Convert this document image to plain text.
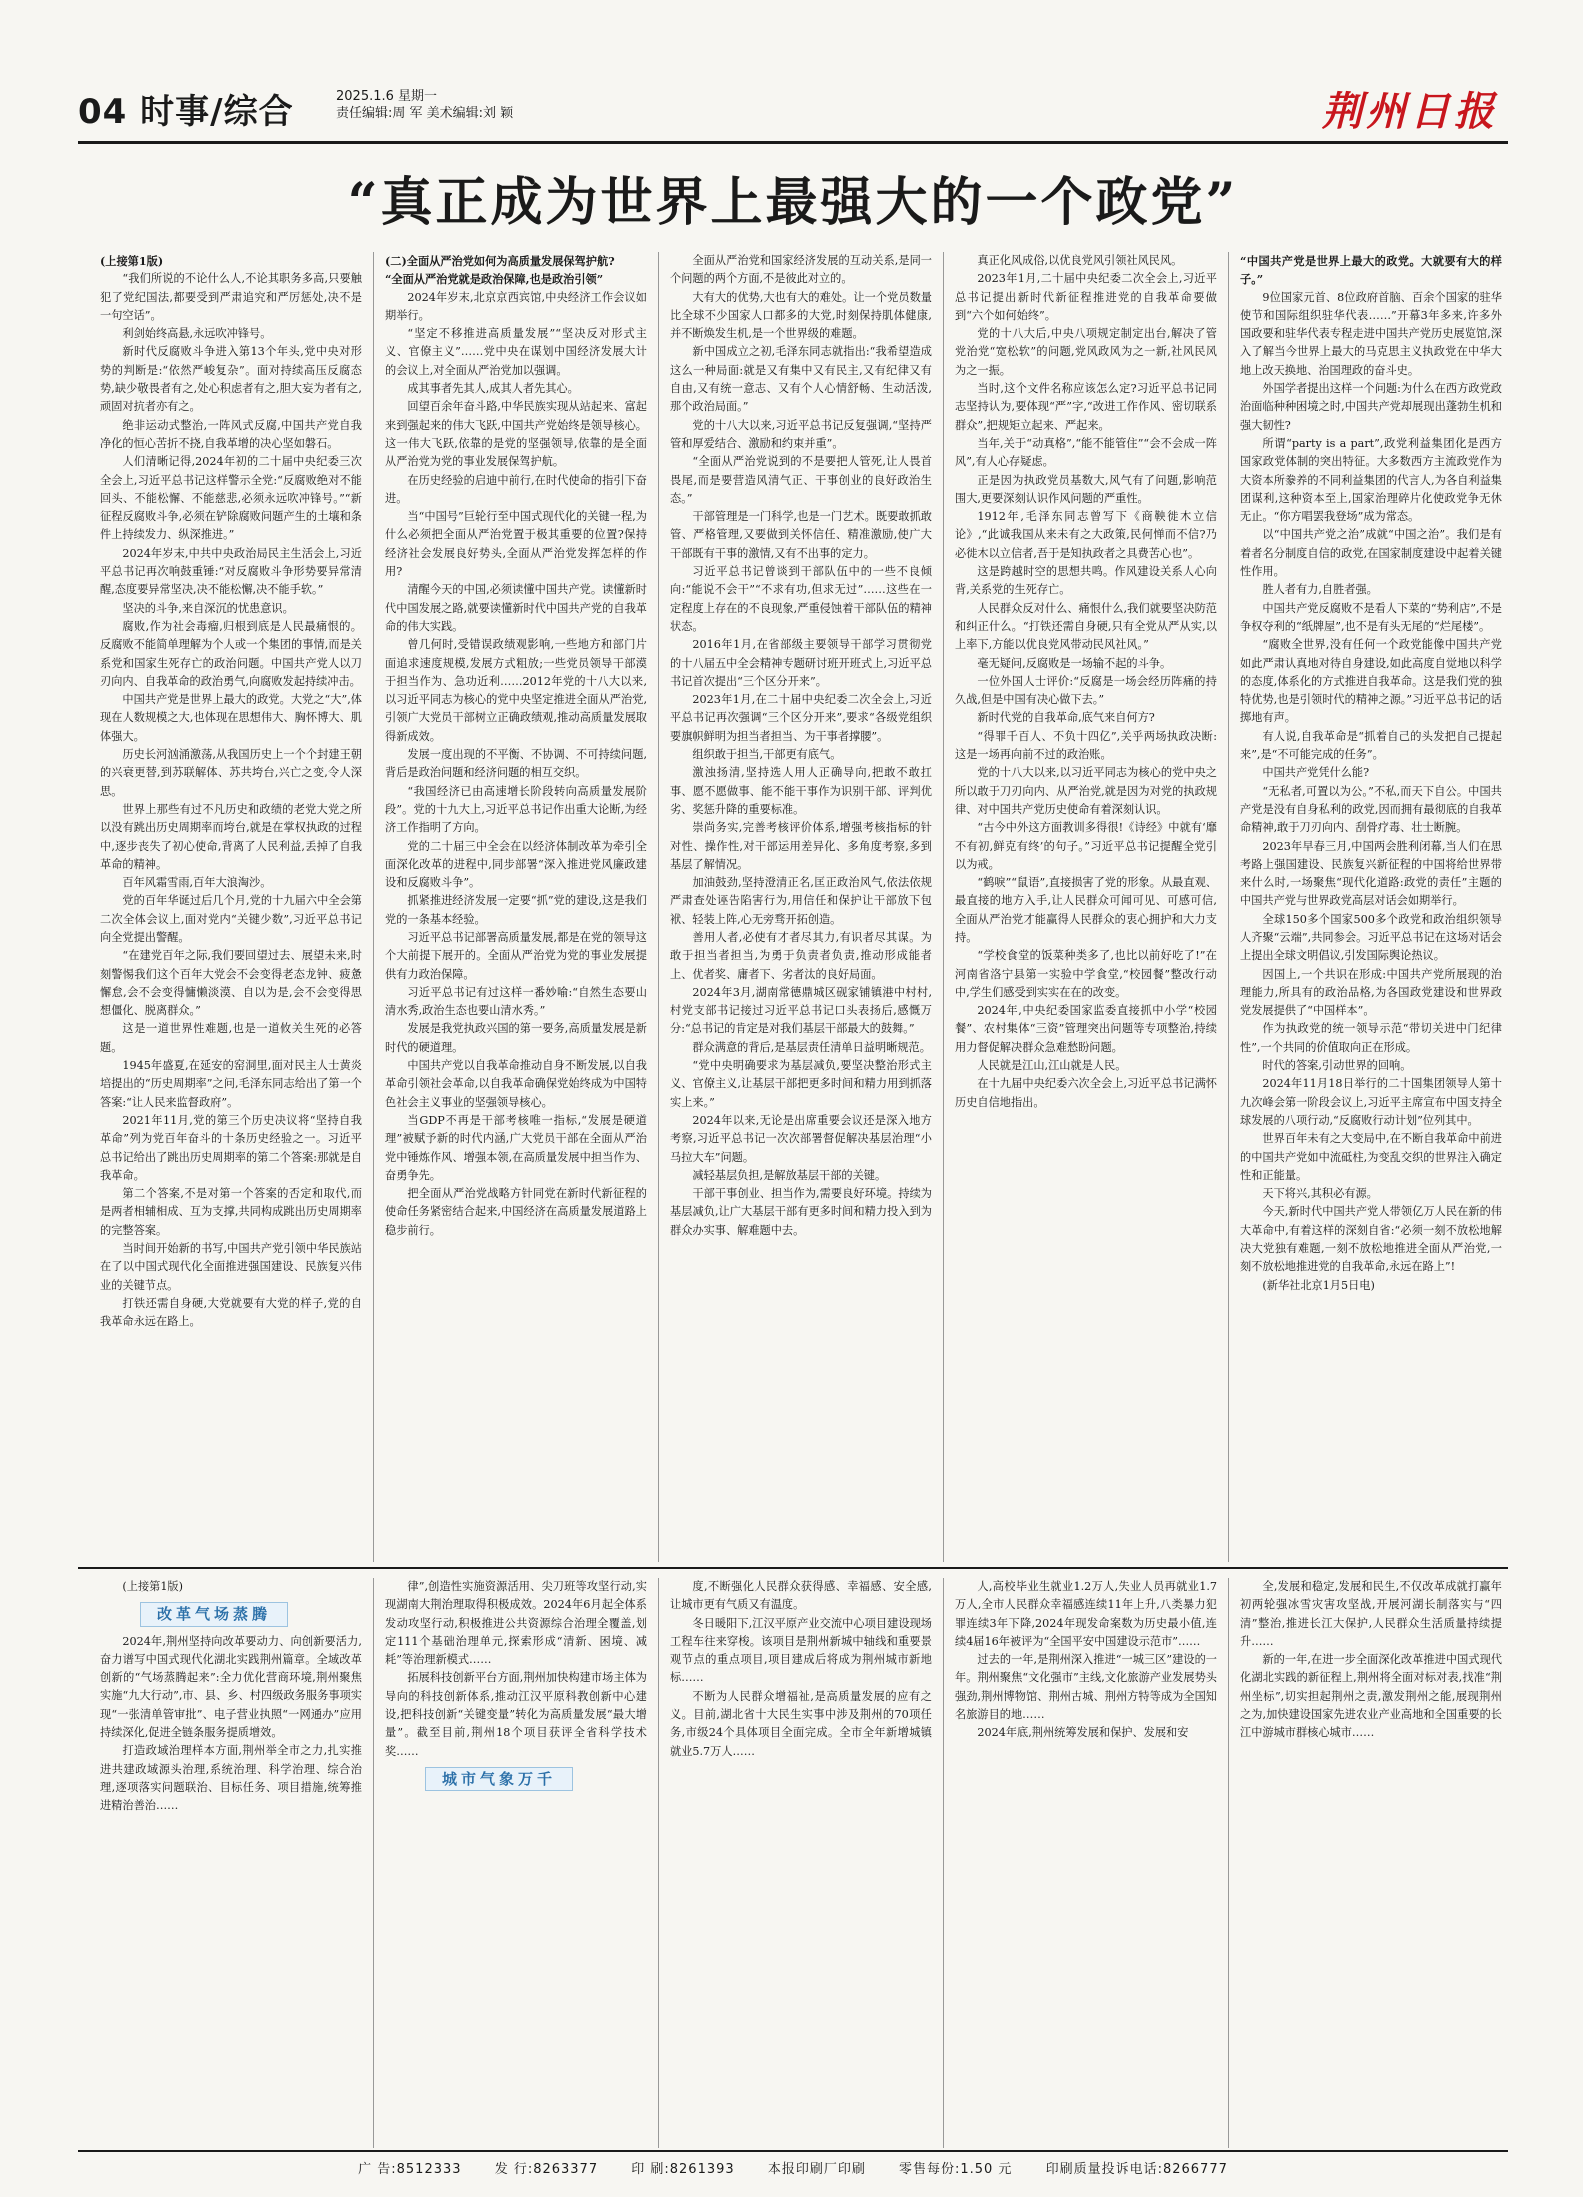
04 时事/综合	2025.1.6 星期一
责任编辑:周 军 美术编辑:刘 颖	荆州日报
“真正成为世界上最强大的一个政党”

(上接第1版)

“我们所说的不论什么人,不论其职务多高,只要触犯了党纪国法,都要受到严肃追究和严厉惩处,决不是一句空话”。

利剑始终高悬,永远吹冲锋号。

新时代反腐败斗争进入第13个年头,党中央对形势的判断是:“依然严峻复杂”。面对持续高压反腐态势,缺少敬畏者有之,处心积虑者有之,胆大妄为者有之,顽固对抗者亦有之。

绝非运动式整治,一阵风式反腐,中国共产党自我净化的恒心苦折不挠,自我革增的决心坚如磐石。

人们清晰记得,2024年初的二十届中央纪委三次全会上,习近平总书记这样警示全党:“反腐败绝对不能回头、不能松懈、不能慈悲,必须永远吹冲锋号。”“新征程反腐败斗争,必须在铲除腐败问题产生的土壤和条件上持续发力、纵深推进。”

2024年岁末,中共中央政治局民主生活会上,习近平总书记再次响鼓重锤:“对反腐败斗争形势要异常清醒,态度要异常坚决,决不能松懈,决不能手软。”

坚决的斗争,来自深沉的忧患意识。

腐败,作为社会毒瘤,归根到底是人民最痛恨的。反腐败不能简单理解为个人或一个集团的事情,而是关系党和国家生死存亡的政治问题。中国共产党人以刀刃向内、自我革命的政治勇气,向腐败发起持续冲击。

中国共产党是世界上最大的政党。大党之“大”,体现在人数规模之大,也体现在思想伟大、胸怀博大、肌体强大。

历史长河汹涌激荡,从我国历史上一个个封建王朝的兴衰更替,到苏联解体、苏共垮台,兴亡之变,令人深思。

世界上那些有过不凡历史和政绩的老党大党之所以没有跳出历史周期率而垮台,就是在掌权执政的过程中,逐步丧失了初心使命,背离了人民利益,丢掉了自我革命的精神。

百年风霜雪雨,百年大浪淘沙。

党的百年华诞过后几个月,党的十九届六中全会第二次全体会议上,面对党内“关键少数”,习近平总书记向全党提出警醒。

“在建党百年之际,我们要回望过去、展望未来,时刻警惕我们这个百年大党会不会变得老态龙钟、疲惫懈怠,会不会变得慵懒淡漠、自以为是,会不会变得思想僵化、脱离群众。”

这是一道世界性难题,也是一道攸关生死的必答题。

1945年盛夏,在延安的窑洞里,面对民主人士黄炎培提出的“历史周期率”之问,毛泽东同志给出了第一个答案:“让人民来监督政府”。

2021年11月,党的第三个历史决议将“坚持自我革命”列为党百年奋斗的十条历史经验之一。习近平总书记给出了跳出历史周期率的第二个答案:那就是自我革命。

第二个答案,不是对第一个答案的否定和取代,而是两者相辅相成、互为支撑,共同构成跳出历史周期率的完整答案。

当时间开始新的书写,中国共产党引领中华民族站在了以中国式现代化全面推进强国建设、民族复兴伟业的关键节点。

打铁还需自身硬,大党就要有大党的样子,党的自我革命永远在路上。

(二)全面从严治党如何为高质量发展保驾护航?

“全面从严治党就是政治保障,也是政治引领”

2024年岁末,北京京西宾馆,中央经济工作会议如期举行。

“坚定不移推进高质量发展”“坚决反对形式主义、官僚主义”……党中央在谋划中国经济发展大计的会议上,对全面从严治党加以强调。

成其事者先其人,成其人者先其心。

回望百余年奋斗路,中华民族实现从站起来、富起来到强起来的伟大飞跃,中国共产党始终是领导核心。这一伟大飞跃,依靠的是党的坚强领导,依靠的是全面从严治党为党的事业发展保驾护航。

在历史经验的启迪中前行,在时代使命的指引下奋进。

当“中国号”巨轮行至中国式现代化的关键一程,为什么必须把全面从严治党置于极其重要的位置?保持经济社会发展良好势头,全面从严治党发挥怎样的作用?

清醒今天的中国,必须读懂中国共产党。读懂新时代中国发展之路,就要读懂新时代中国共产党的自我革命的伟大实践。

曾几何时,受错误政绩观影响,一些地方和部门片面追求速度规模,发展方式粗放;一些党员领导干部漠于担当作为、急功近利……2012年党的十八大以来,以习近平同志为核心的党中央坚定推进全面从严治党,引领广大党员干部树立正确政绩观,推动高质量发展取得新成效。

发展一度出现的不平衡、不协调、不可持续问题,背后是政治问题和经济问题的相互交织。

“我国经济已由高速增长阶段转向高质量发展阶段”。党的十九大上,习近平总书记作出重大论断,为经济工作指明了方向。

党的二十届三中全会在以经济体制改革为牵引全面深化改革的进程中,同步部署“深入推进党风廉政建设和反腐败斗争”。

抓紧推进经济发展一定要“抓”党的建设,这是我们党的一条基本经验。

习近平总书记部署高质量发展,都是在党的领导这个大前提下展开的。全面从严治党为党的事业发展提供有力政治保障。

习近平总书记有过这样一番妙喻:“自然生态要山清水秀,政治生态也要山清水秀。”

发展是我党执政兴国的第一要务,高质量发展是新时代的硬道理。

中国共产党以自我革命推动自身不断发展,以自我革命引领社会革命,以自我革命确保党始终成为中国特色社会主义事业的坚强领导核心。

当GDP不再是干部考核唯一指标,“发展是硬道理”被赋予新的时代内涵,广大党员干部在全面从严治党中锤炼作风、增强本领,在高质量发展中担当作为、奋勇争先。

把全面从严治党战略方针同党在新时代新征程的使命任务紧密结合起来,中国经济在高质量发展道路上稳步前行。

全面从严治党和国家经济发展的互动关系,是同一个问题的两个方面,不是彼此对立的。

大有大的优势,大也有大的难处。让一个党员数量比全球不少国家人口都多的大党,时刻保持肌体健康,并不断焕发生机,是一个世界级的难题。

新中国成立之初,毛泽东同志就指出:“我希望造成这么一种局面:就是又有集中又有民主,又有纪律又有自由,又有统一意志、又有个人心情舒畅、生动活泼,那个政治局面。”

党的十八大以来,习近平总书记反复强调,“坚持严管和厚爱结合、激励和约束并重”。

“全面从严治党说到的不是要把人管死,让人畏首畏尾,而是要营造风清气正、干事创业的良好政治生态。”

干部管理是一门科学,也是一门艺术。既要敢抓敢管、严格管理,又要做到关怀信任、精准激励,使广大干部既有干事的激情,又有不出事的定力。

习近平总书记曾谈到干部队伍中的一些不良倾向:“能说不会干”“不求有功,但求无过”……这些在一定程度上存在的不良现象,严重侵蚀着干部队伍的精神状态。

2016年1月,在省部级主要领导干部学习贯彻党的十八届五中全会精神专题研讨班开班式上,习近平总书记首次提出“三个区分开来”。

2023年1月,在二十届中央纪委二次全会上,习近平总书记再次强调“三个区分开来”,要求“各级党组织要旗帜鲜明为担当者担当、为干事者撑腰”。

组织敢于担当,干部更有底气。

激浊扬清,坚持选人用人正确导向,把敢不敢扛事、愿不愿做事、能不能干事作为识别干部、评判优劣、奖惩升降的重要标准。

崇尚务实,完善考核评价体系,增强考核指标的针对性、操作性,对干部运用差异化、多角度考察,多到基层了解情况。

加油鼓劲,坚持澄清正名,匡正政治风气,依法依规严肃查处诬告陷害行为,用信任和保护让干部放下包袱、轻装上阵,心无旁骛开拓创造。

善用人者,必使有才者尽其力,有识者尽其谋。为敢于担当者担当,为勇于负责者负责,推动形成能者上、优者奖、庸者下、劣者汰的良好局面。

2024年3月,湖南常德鼎城区砚家铺镇港中村村,村党支部书记接过习近平总书记口头表扬后,感慨万分:“总书记的肯定是对我们基层干部最大的鼓舞。”

群众满意的背后,是基层责任清单日益明晰规范。

“党中央明确要求为基层减负,要坚决整治形式主义、官僚主义,让基层干部把更多时间和精力用到抓落实上来。”

2024年以来,无论是出席重要会议还是深入地方考察,习近平总书记一次次部署督促解决基层治理“小马拉大车”问题。

减轻基层负担,是解放基层干部的关键。

干部干事创业、担当作为,需要良好环境。持续为基层减负,让广大基层干部有更多时间和精力投入到为群众办实事、解难题中去。

真正化风成俗,以优良党风引领社风民风。

2023年1月,二十届中央纪委二次全会上,习近平总书记提出新时代新征程推进党的自我革命要做到“六个如何始终”。

党的十八大后,中央八项规定制定出台,解决了管党治党“宽松软”的问题,党风政风为之一新,社风民风为之一振。

当时,这个文件名称应该怎么定?习近平总书记同志坚持认为,要体现“严”字,“改进工作作风、密切联系群众”,把规矩立起来、严起来。

当年,关于“动真格”,“能不能管住”“会不会成一阵风”,有人心存疑虑。

正是因为执政党员基数大,风气有了问题,影响范围大,更要深刻认识作风问题的严重性。

1912年,毛泽东同志曾写下《商鞅徙木立信论》,“此诚我国从来未有之大政策,民何惮而不信?乃必徙木以立信者,吾于是知执政者之具费苦心也”。

这是跨越时空的思想共鸣。作风建设关系人心向背,关系党的生死存亡。

人民群众反对什么、痛恨什么,我们就要坚决防范和纠正什么。“打铁还需自身硬,只有全党从严从实,以上率下,方能以优良党风带动民风社风。”

毫无疑问,反腐败是一场输不起的斗争。

一位外国人士评价:“反腐是一场会经历阵痛的持久战,但是中国有决心做下去。”

新时代党的自我革命,底气来自何方?

“得罪千百人、不负十四亿”,关乎两场执政决断:这是一场再向前不过的政治账。

党的十八大以来,以习近平同志为核心的党中央之所以敢于刀刃向内、从严治党,就是因为对党的执政规律、对中国共产党历史使命有着深刻认识。

“古今中外这方面教训多得很!《诗经》中就有‘靡不有初,鲜克有终’的句子。”习近平总书记提醒全党引以为戒。

“鹤唳”“鼠语”,直接损害了党的形象。从最直观、最直接的地方入手,让人民群众可闻可见、可感可信,全面从严治党才能赢得人民群众的衷心拥护和大力支持。

“学校食堂的饭菜种类多了,也比以前好吃了!”在河南省洛宁县第一实验中学食堂,“校园餐”整改行动中,学生们感受到实实在在的改变。

2024年,中央纪委国家监委直接抓中小学“校园餐”、农村集体“三资”管理突出问题等专项整治,持续用力督促解决群众急难愁盼问题。

人民就是江山,江山就是人民。

在十九届中央纪委六次全会上,习近平总书记满怀历史自信地指出。

“中国共产党是世界上最大的政党。大就要有大的样子。”

9位国家元首、8位政府首脑、百余个国家的驻华使节和国际组织驻华代表……”开幕3年多来,许多外国政要和驻华代表专程走进中国共产党历史展览馆,深入了解当今世界上最大的马克思主义执政党在中华大地上改天换地、治国理政的奋斗史。

外国学者提出这样一个问题:为什么在西方政党政治面临种种困境之时,中国共产党却展现出蓬勃生机和强大韧性?

所谓“party is a part”,政党利益集团化是西方国家政党体制的突出特征。大多数西方主流政党作为大资本所豢养的不同利益集团的代言人,为各自利益集团谋利,这种资本至上,国家治理碎片化使政党争无休无止。“你方唱罢我登场”成为常态。

以“中国共产党之治”成就“中国之治”。我们是有着者名分制度自信的政党,在国家制度建设中起着关键性作用。

胜人者有力,自胜者强。

中国共产党反腐败不是看人下菜的“势利店”,不是争权夺利的“纸牌屋”,也不是有头无尾的“烂尾楼”。

“腐败全世界,没有任何一个政党能像中国共产党如此严肃认真地对待自身建设,如此高度自觉地以科学的态度,体系化的方式推进自我革命。这是我们党的独特优势,也是引领时代的精神之源。”习近平总书记的话掷地有声。

有人说,自我革命是“抓着自己的头发把自己提起来”,是“不可能完成的任务”。

中国共产党凭什么能?

“无私者,可置以为公。”不私,而天下自公。中国共产党是没有自身私利的政党,因而拥有最彻底的自我革命精神,敢于刀刃向内、刮骨疗毒、壮士断腕。

2023年早春三月,中国两会胜利闭幕,当人们在思考路上强国建设、民族复兴新征程的中国将给世界带来什么时,一场聚焦“现代化道路:政党的责任”主题的中国共产党与世界政党高层对话会如期举行。

全球150多个国家500多个政党和政治组织领导人齐聚“云端”,共同参会。习近平总书记在这场对话会上提出全球文明倡议,引发国际舆论热议。

因国上,一个共识在形成:中国共产党所展现的治理能力,所具有的政治品格,为各国政党建设和世界政党发展提供了“中国样本”。

作为执政党的统一领导示范“带切关进中门纪律性”,一个共同的价值取向正在形成。

时代的答案,引动世界的回响。

2024年11月18日举行的二十国集团领导人第十九次峰会第一阶段会议上,习近平主席宣布中国支持全球发展的八项行动,“反腐败行动计划”位列其中。

世界百年未有之大变局中,在不断自我革命中前进的中国共产党如中流砥柱,为变乱交织的世界注入确定性和正能量。

天下将兴,其积必有源。

今天,新时代中国共产党人带领亿万人民在新的伟大革命中,有着这样的深刻自省:“必须一刻不放松地解决大党独有难题,一刻不放松地推进全面从严治党,一刻不放松地推进党的自我革命,永远在路上”!

(新华社北京1月5日电)

(上接第1版)

改革气场蒸腾

2024年,荆州坚持向改革要动力、向创新要活力,奋力谱写中国式现代化湖北实践荆州篇章。全域改革创新的“气场蒸腾起来”:全力优化营商环境,荆州聚焦实施“九大行动”,市、县、乡、村四级政务服务事项实现“一张清单管审批”、电子营业执照“一网通办”应用持续深化,促进全链条服务提质增效。

打造政域治理样本方面,荆州举全市之力,扎实推进共建政域源头治理,系统治理、科学治理、综合治理,逐项落实问题联治、目标任务、项目措施,统筹推进精治善治……

律”,创造性实施资源活用、尖刀班等攻坚行动,实现湖南大荆治理取得积极成效。2024年6月起全体系发动攻坚行动,积极推进公共资源综合治理全覆盖,划定111个基础治理单元,探索形成“清新、困境、减耗”等治理新模式……

拓展科技创新平台方面,荆州加快构建市场主体为导向的科技创新体系,推动江汉平原科教创新中心建设,把科技创新“关键变量”转化为高质量发展“最大增量”。截至目前,荆州18个项目获评全省科学技术奖……

城市气象万千

度,不断强化人民群众获得感、幸福感、安全感,让城市更有气质又有温度。

冬日暖阳下,江汉平原产业交流中心项目建设现场工程车往来穿梭。该项目是荆州新城中轴线和重要景观节点的重点项目,项目建成后将成为荆州城市新地标……

不断为人民群众增福祉,是高质量发展的应有之义。目前,湖北省十大民生实事中涉及荆州的70项任务,市级24个具体项目全面完成。全市全年新增城镇就业5.7万人……

人,高校毕业生就业1.2万人,失业人员再就业1.7万人,全市人民群众幸福感连续11年上升,八类暴力犯罪连续3年下降,2024年现发命案数为历史最小值,连续4届16年被评为“全国平安中国建设示范市”……

过去的一年,是荆州深入推进“一城三区”建设的一年。荆州聚焦“文化强市”主线,文化旅游产业发展势头强劲,荆州博物馆、荆州古城、荆州方特等成为全国知名旅游目的地……

2024年底,荆州统筹发展和保护、发展和安

全,发展和稳定,发展和民生,不仅改革成就打赢年初两轮强冰雪灾害攻坚战,开展河湖长制落实与“四清”整治,推进长江大保护,人民群众生活质量持续提升……

新的一年,在进一步全面深化改革推进中国式现代化湖北实践的新征程上,荆州将全面对标对表,找准“荆州坐标”,切实担起荆州之责,激发荆州之能,展现荆州之为,加快建设国家先进农业产业高地和全国重要的长江中游城市群核心城市……

广 告:8512333	发 行:8263377	印 刷:8261393	本报印刷厂印刷	零售每份:1.50 元	印刷质量投诉电话:8266777
